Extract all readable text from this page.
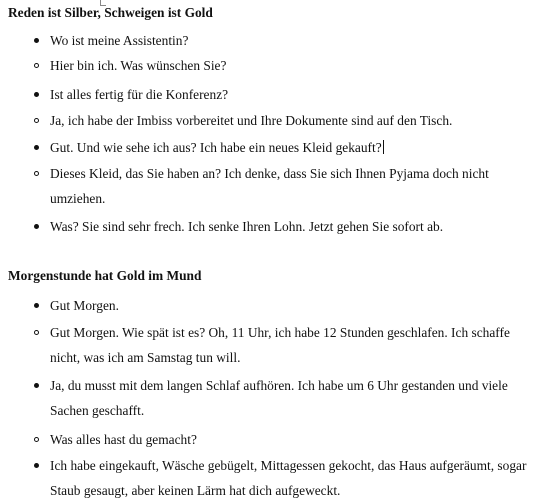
Reden ist Silber, Schweigen ist Gold
Wo ist meine Assistentin?
Hier bin ich. Was wünschen Sie?
Ist alles fertig für die Konferenz?
Ja, ich habe der Imbiss vorbereitet und Ihre Dokumente sind auf den Tisch.
Gut. Und wie sehe ich aus? Ich habe ein neues Kleid gekauft?
Dieses Kleid, das Sie haben an? Ich denke, dass Sie sich Ihnen Pyjama doch nicht umziehen.
Was? Sie sind sehr frech. Ich senke Ihren Lohn. Jetzt gehen Sie sofort ab.
Morgenstunde hat Gold im Mund
Gut Morgen.
Gut Morgen. Wie spät ist es? Oh, 11 Uhr, ich habe 12 Stunden geschlafen. Ich schaffe nicht, was ich am Samstag tun will.
Ja, du musst mit dem langen Schlaf aufhören. Ich habe um 6 Uhr gestanden und viele Sachen geschafft.
Was alles hast du gemacht?
Ich habe eingekauft, Wäsche gebügelt, Mittagessen gekocht, das Haus aufgeräumt, sogar Staub gesaugt, aber keinen Lärm hat dich aufgeweckt.
